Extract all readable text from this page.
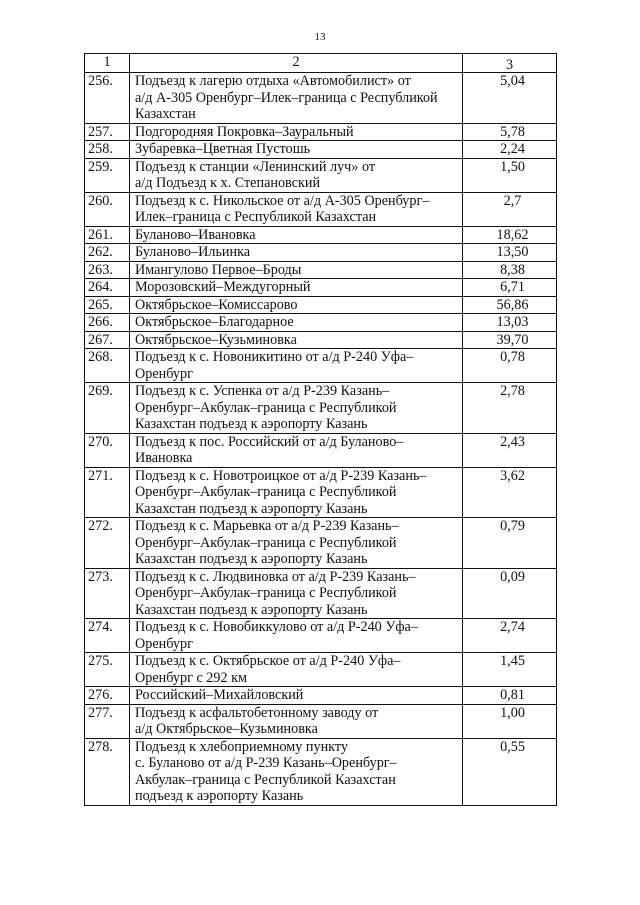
13
1	2	3
256.	Подъезд к лагерю отдыха «Автомобилист» от
а/д А-305 Оренбург–Илек–граница с Республикой
Казахстан	5,04
257.	Подгородняя Покровка–Зауральный	5,78
258.	Зубаревка–Цветная Пустошь	2,24
259.	Подъезд к станции «Ленинский луч» от
а/д Подъезд к х. Степановский	1,50
260.	Подъезд к с. Никольское от а/д А-305 Оренбург–
Илек–граница с Республикой Казахстан	2,7
261.	Буланово–Ивановка	18,62
262.	Буланово–Ильинка	13,50
263.	Имангулово Первое–Броды	8,38
264.	Морозовский–Междугорный	6,71
265.	Октябрьское–Комиссарово	56,86
266.	Октябрьское–Благодарное	13,03
267.	Октябрьское–Кузьминовка	39,70
268.	Подъезд к с. Новоникитино от а/д Р-240 Уфа–
Оренбург	0,78
269.	Подъезд к с. Успенка от а/д Р-239 Казань–
Оренбург–Акбулак–граница с Республикой
Казахстан подъезд к аэропорту Казань	2,78
270.	Подъезд к пос. Российский от а/д Буланово–
Ивановка	2,43
271.	Подъезд к с. Новотроицкое от а/д Р-239 Казань–
Оренбург–Акбулак–граница с Республикой
Казахстан подъезд к аэропорту Казань	3,62
272.	Подъезд к с. Марьевка от а/д Р-239 Казань–
Оренбург–Акбулак–граница с Республикой
Казахстан подъезд к аэропорту Казань	0,79
273.	Подъезд к с. Людвиновка от а/д Р-239 Казань–
Оренбург–Акбулак–граница с Республикой
Казахстан подъезд к аэропорту Казань	0,09
274.	Подъезд к с. Новобиккулово от а/д Р-240 Уфа–
Оренбург	2,74
275.	Подъезд к с. Октябрьское от а/д Р-240 Уфа–
Оренбург с 292 км	1,45
276.	Российский–Михайловский	0,81
277.	Подъезд к асфальтобетонному заводу от
а/д Октябрьское–Кузьминовка	1,00
278.	Подъезд к хлебоприемному пункту
с. Буланово от а/д Р-239 Казань–Оренбург–
Акбулак–граница с Республикой Казахстан
подъезд к аэропорту Казань	0,55
